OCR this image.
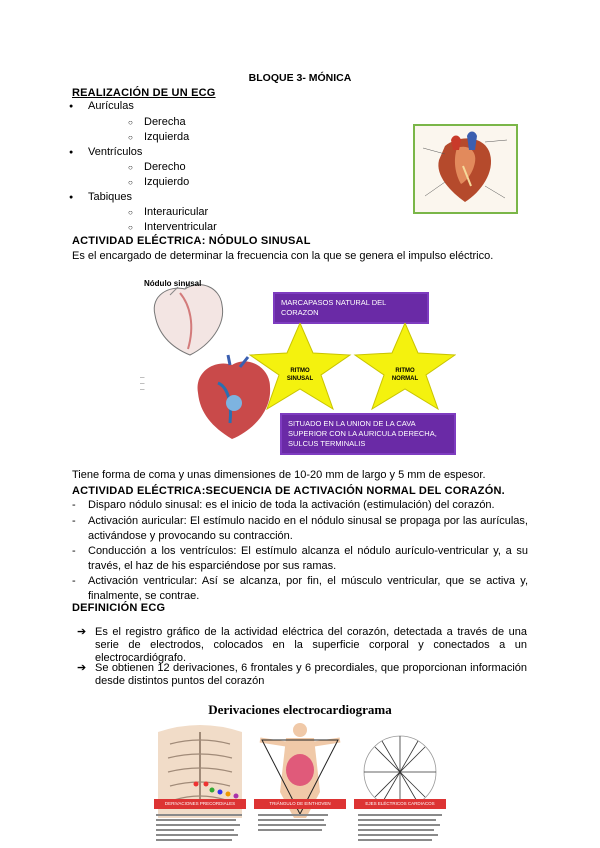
BLOQUE 3- MÓNICA
REALIZACIÓN DE UN ECG
● Aurículas
○ Derecha
○ Izquierda
● Ventrículos
○ Derecho
○ Izquierdo
● Tabiques
○ Interauricular
○ Interventricular
ACTIVIDAD ELÉCTRICA: NÓDULO SINUSAL

Es el encargado de determinar la frecuencia con la que se genera el impulso eléctrico.

Nódulo sinusal
—
—
—
MARCAPASOS NATURAL DEL CORAZON
RITMO SINUSAL
RITMO NORMAL
SITUADO EN LA UNION DE LA CAVA SUPERIOR CON LA AURICULA DERECHA, SULCUS TERMINALIS

Tiene forma de coma y unas dimensiones de 10-20 mm de largo y 5 mm de espesor.

ACTIVIDAD ELÉCTRICA:SECUENCIA DE ACTIVACIÓN NORMAL DEL CORAZÓN.
- Disparo nódulo sinusal: es el inicio de toda la activación (estimulación) del corazón.
- Activación auricular: El estímulo nacido en el nódulo sinusal se propaga por las aurículas, activándose y provocando su contracción.
- Conducción a los ventrículos: El estímulo alcanza el nódulo aurículo-ventricular y, a su través, el haz de his esparciéndose por sus ramas.
- Activación ventricular: Así se alcanza, por fin, el músculo ventricular, que se activa y, finalmente, se contrae.
DEFINICIÓN ECG
➔ Es el registro gráfico de la actividad eléctrica del corazón, detectada a través de una serie de electrodos, colocados en la superficie corporal y conectados a un electrocardiógrafo.
➔ Se obtienen 12 derivaciones, 6 frontales y 6 precordiales, que proporcionan información desde distintos puntos del corazón
Derivaciones electrocardiograma
DERIVACIONES PRECORDIALES	TRIÁNGULO DE EINTHOVEN	EJES ELÉCTRICOS CARDIACOS
